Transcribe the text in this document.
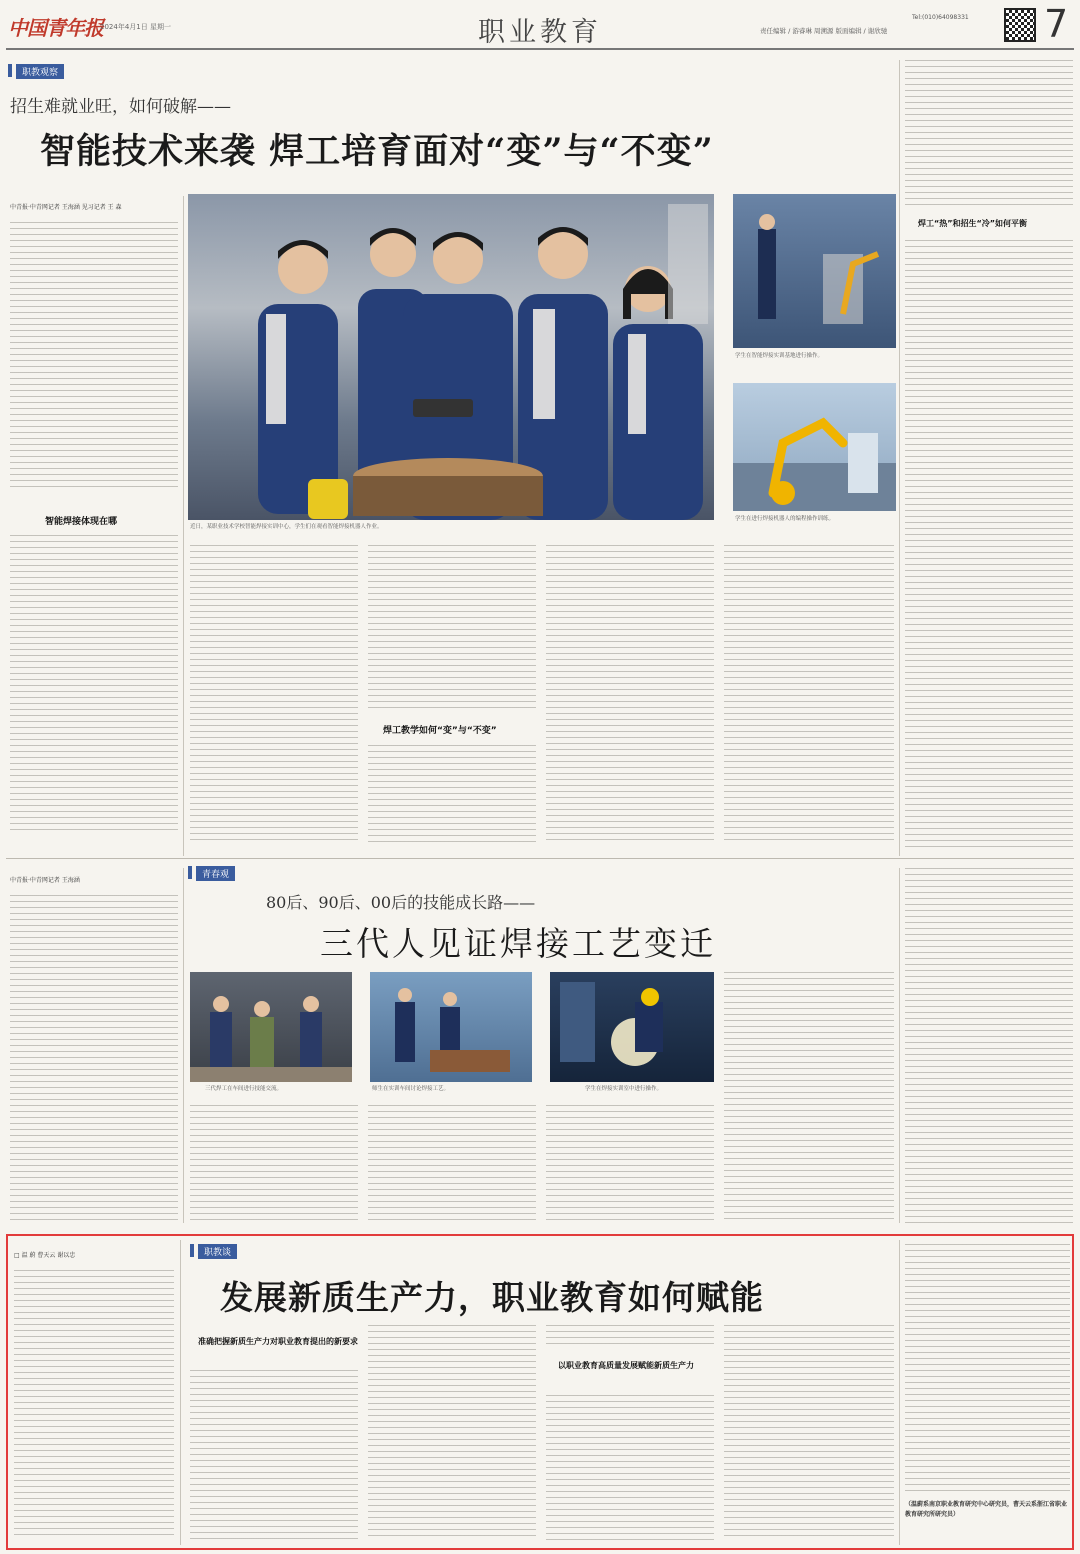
中国青年报
2024年4月1日 星期一	职业教育	责任编辑 / 游睿琳 周溯源 版面编辑 / 谢欣驰
Tel:(010)64098331 7
职教观察
招生难就业旺，如何破解——
智能技术来袭 焊工培育面对“变”与“不变”
中青报·中青网记者 王海涵 见习记者 王 森
智能焊接体现在哪	近日，某职业技术学校智能焊接实训中心，学生们在观看智能焊接机器人作业。
学生在智能焊接实训基地进行操作。
学生在进行焊接机器人的编程操作训练。
焊工“热”和招生“冷”如何平衡
焊工教学如何“变”与“不变”
中青报·中青网记者 王海涵
青春观
80后、90后、00后的技能成长路——
三代人见证焊接工艺变迁
三代焊工在车间进行技能交流。	师生在实训车间讨论焊接工艺。	学生在焊接实训室中进行操作。
□ 温 蔚 曹天云 谢以忠	职教谈
发展新质生产力，职业教育如何赋能
准确把握新质生产力对职业教育提出的新要求
以职业教育高质量发展赋能新质生产力
（温蔚系南京职业教育研究中心研究员，曹天云系浙江省职业教育研究所研究员）
